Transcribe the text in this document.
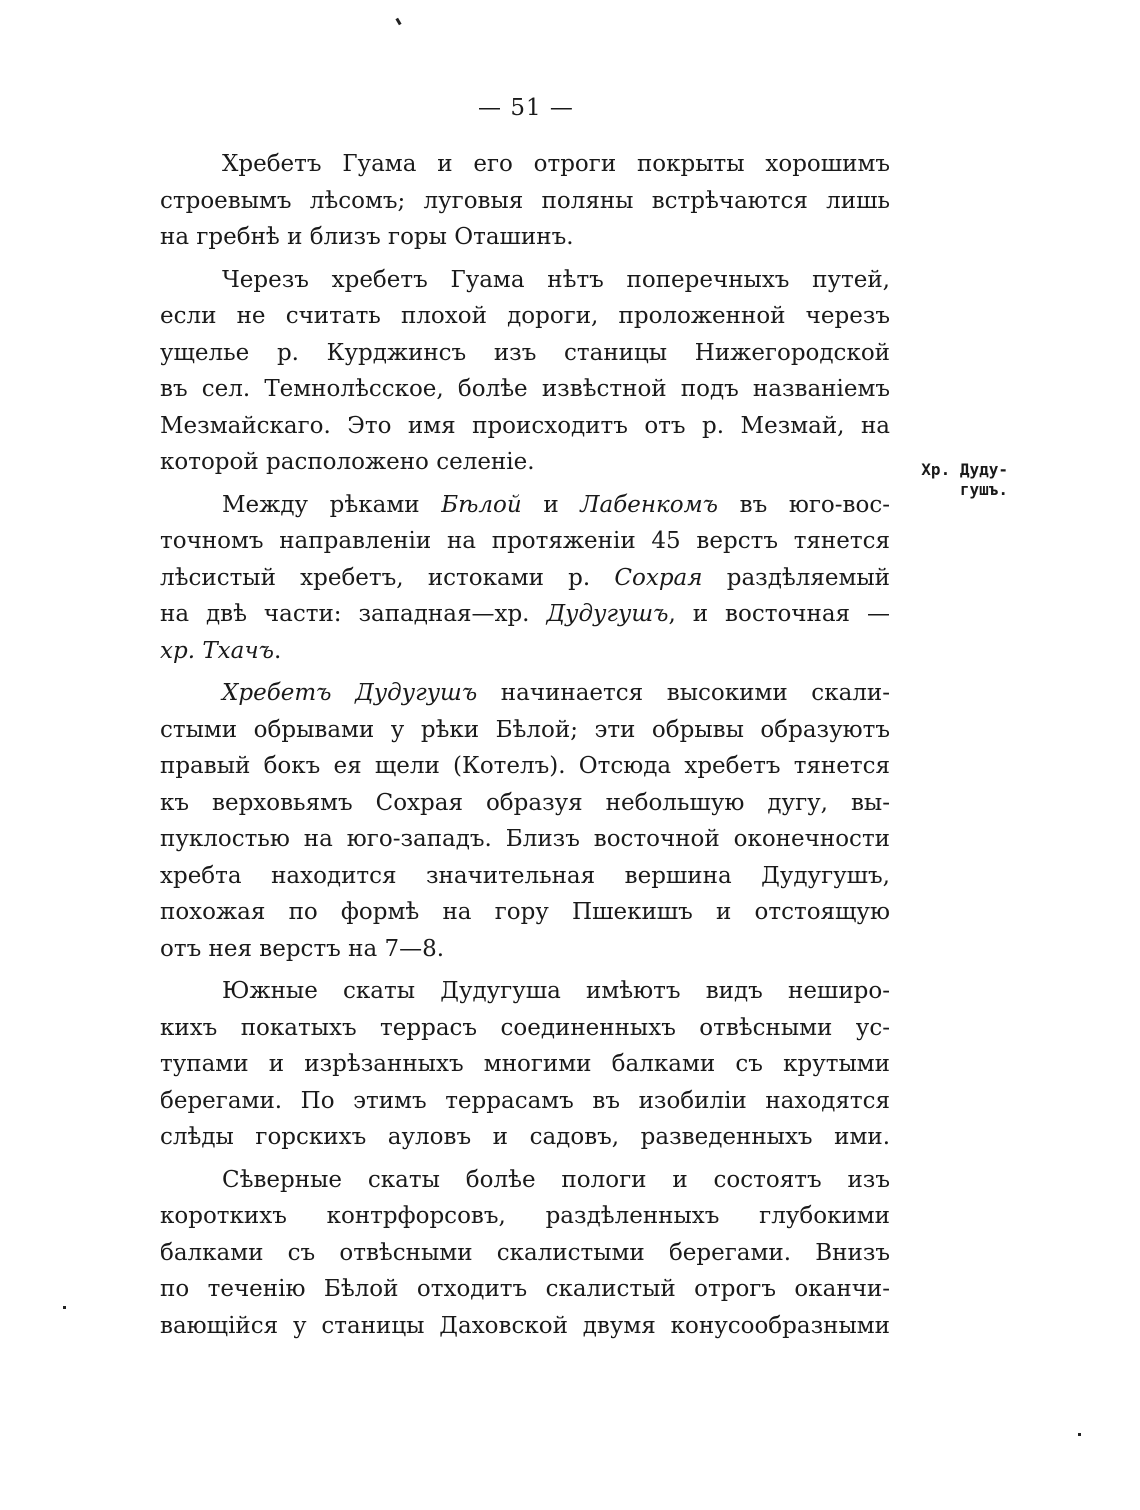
— 51 —
Хребетъ Гуама и его отроги покрыты хорошимъ
строевымъ лѣсомъ; луговыя поляны встрѣчаются лишь
на гребнѣ и близъ горы Оташинъ.
Черезъ хребетъ Гуама нѣтъ поперечныхъ путей,
если не считать плохой дороги, проложенной черезъ
ущелье р. Курджинсъ изъ станицы Нижегородской
въ сел. Темнолѣсское, болѣе извѣстной подъ названіемъ
Мезмайскаго. Это имя происходитъ отъ р. Мезмай, на
которой расположено селеніе.
Между рѣками Бѣлой и Лабенкомъ въ юго-вос-
точномъ направленіи на протяженіи 45 верстъ тянется
лѣсистый хребетъ, истоками р. Сохрая раздѣляемый
на двѣ части: западная—хр. Дудугушъ, и восточная —
хр. Тхачъ.
Хребетъ Дудугушъ начинается высокими скали-
стыми обрывами у рѣки Бѣлой; эти обрывы образуютъ
правый бокъ ея щели (Котелъ). Отсюда хребетъ тянется
къ верховьямъ Сохрая образуя небольшую дугу, вы-
пуклостью на юго-западъ. Близъ восточной оконечности
хребта находится значительная вершина Дудугушъ,
похожая по формѣ на гору Пшекишъ и отстоящую
отъ нея верстъ на 7—8.
Южные скаты Дудугуша имѣютъ видъ неширо-
кихъ покатыхъ террасъ соединенныхъ отвѣсными ус-
тупами и изрѣзанныхъ многими балками съ крутыми
берегами. По этимъ террасамъ въ изобиліи находятся
слѣды горскихъ ауловъ и садовъ, разведенныхъ ими.
Сѣверные скаты болѣе пологи и состоятъ изъ
короткихъ контрфорсовъ, раздѣленныхъ глубокими
балками съ отвѣсными скалистыми берегами. Внизъ
по теченію Бѣлой отходитъ скалистый отрогъ оканчи-
вающійся у станицы Даховской двумя конусообразными
Хр. Дуду-
гушъ.
